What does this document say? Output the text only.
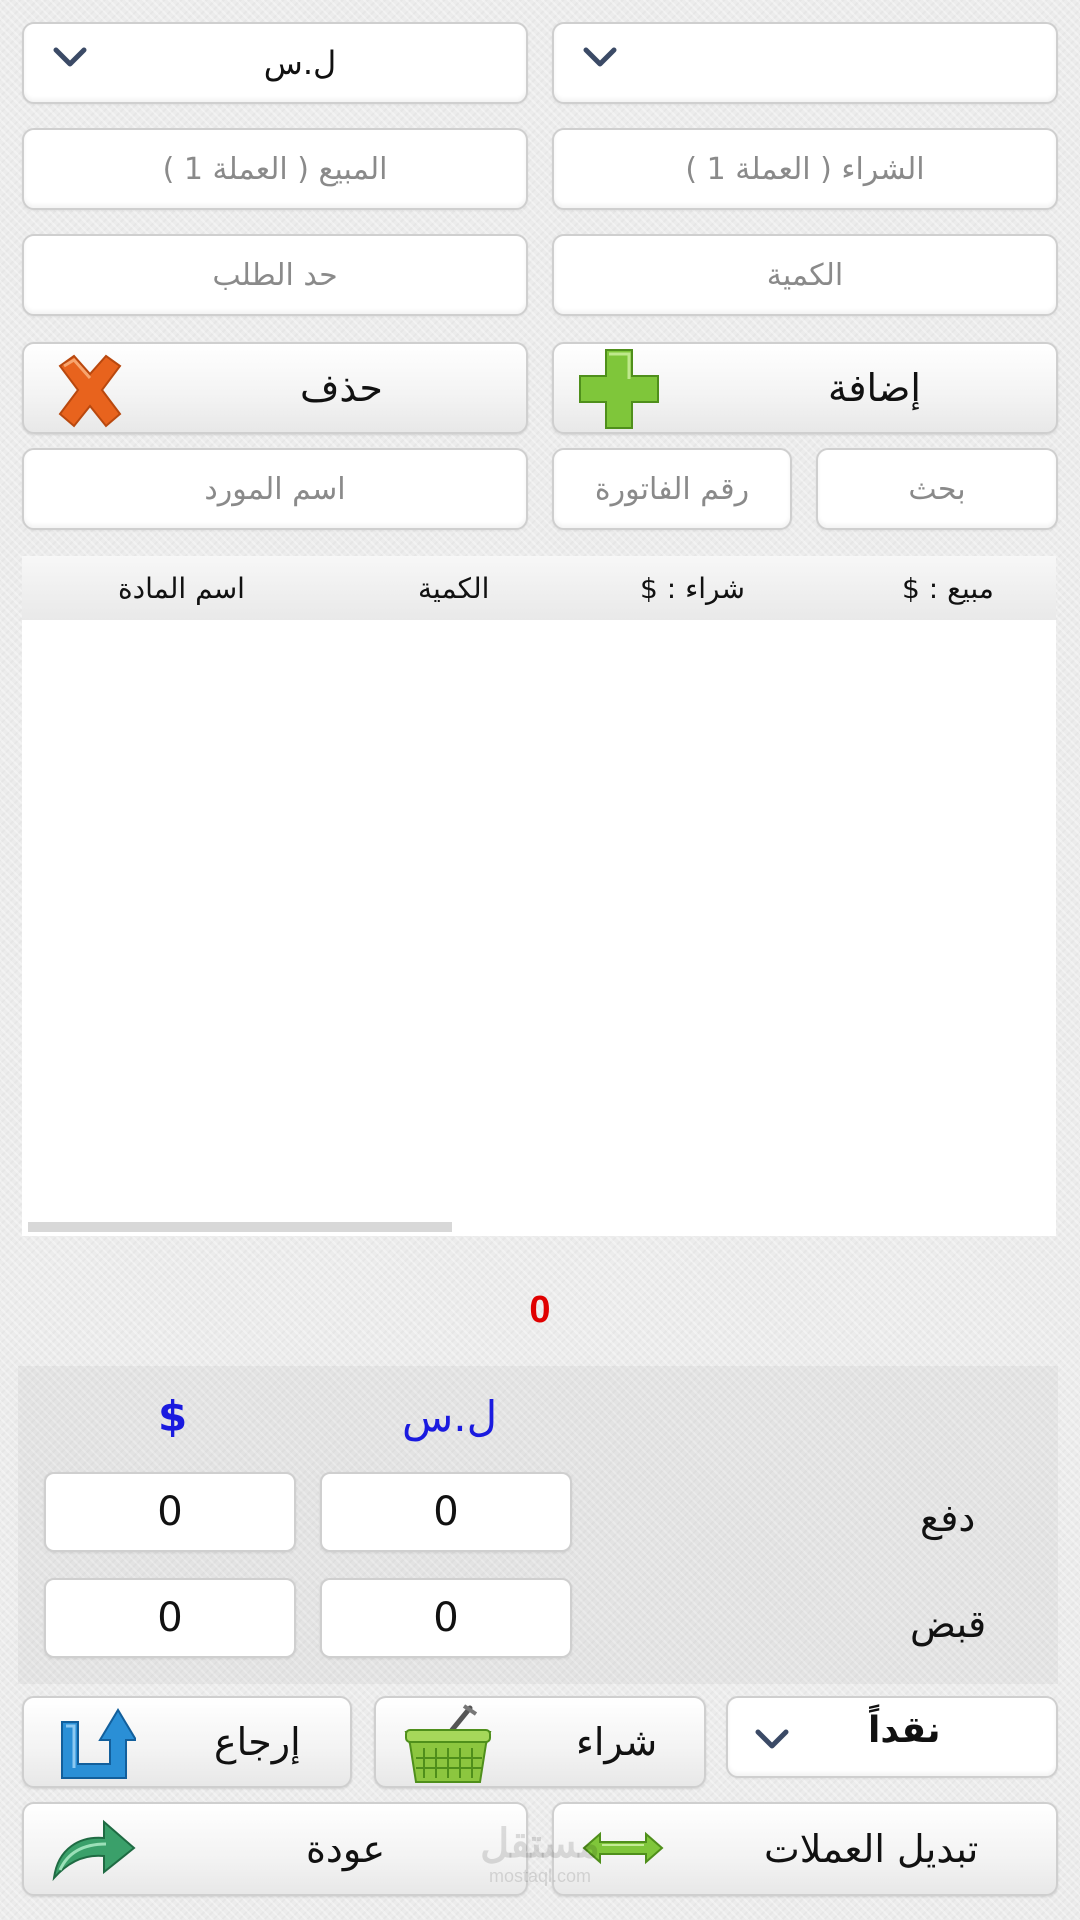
ل.س
المبيع ( العملة 1 )	الشراء ( العملة 1 )
حد الطلب	الكمية
حذف	إضافة
اسم المورد	رقم الفاتورة	بحث
اسم المادة	الكمية	$ : شراء	$ : مبيع
0
$	ل.س
0	0	دفع
0	0	قبض
إرجاع	شراء	نقداً
عودة	تبديل العملات
مستقل
mostaql.com
